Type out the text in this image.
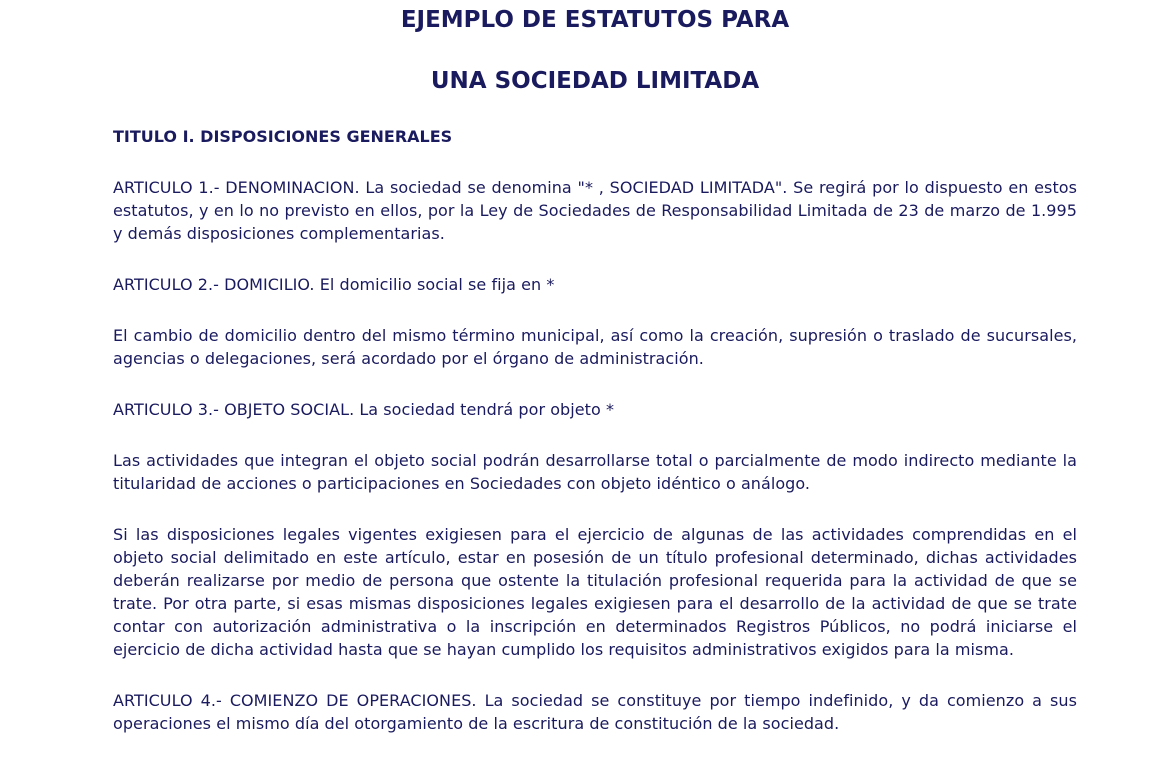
EJEMPLO DE ESTATUTOS PARA
UNA SOCIEDAD LIMITADA
TITULO I. DISPOSICIONES GENERALES

ARTICULO 1.- DENOMINACION. La sociedad se denomina "* , SOCIEDAD LIMITADA". Se regirá por lo dispuesto en estos estatutos, y en lo no previsto en ellos, por la Ley de Sociedades de Responsabilidad Limitada de 23 de marzo de 1.995 y demás disposiciones complementarias.

ARTICULO 2.- DOMICILIO. El domicilio social se fija en *

El cambio de domicilio dentro del mismo término municipal, así como la creación, supresión o traslado de sucursales, agencias o delegaciones, será acordado por el órgano de administración.

ARTICULO 3.- OBJETO SOCIAL. La sociedad tendrá por objeto *

Las actividades que integran el objeto social podrán desarrollarse total o parcialmente de modo indirecto mediante la titularidad de acciones o participaciones en Sociedades con objeto idéntico o análogo.

Si las disposiciones legales vigentes exigiesen para el ejercicio de algunas de las actividades comprendidas en el objeto social delimitado en este artículo, estar en posesión de un título profesional determinado, dichas actividades deberán realizarse por medio de persona que ostente la titulación profesional requerida para la actividad de que se trate. Por otra parte, si esas mismas disposiciones legales exigiesen para el desarrollo de la actividad de que se trate contar con autorización administrativa o la inscripción en determinados Registros Públicos, no podrá iniciarse el ejercicio de dicha actividad hasta que se hayan cumplido los requisitos administrativos exigidos para la misma.

ARTICULO 4.- COMIENZO DE OPERACIONES. La sociedad se constituye por tiempo indefinido, y da comienzo a sus operaciones el mismo día del otorgamiento de la escritura de constitución de la sociedad.
